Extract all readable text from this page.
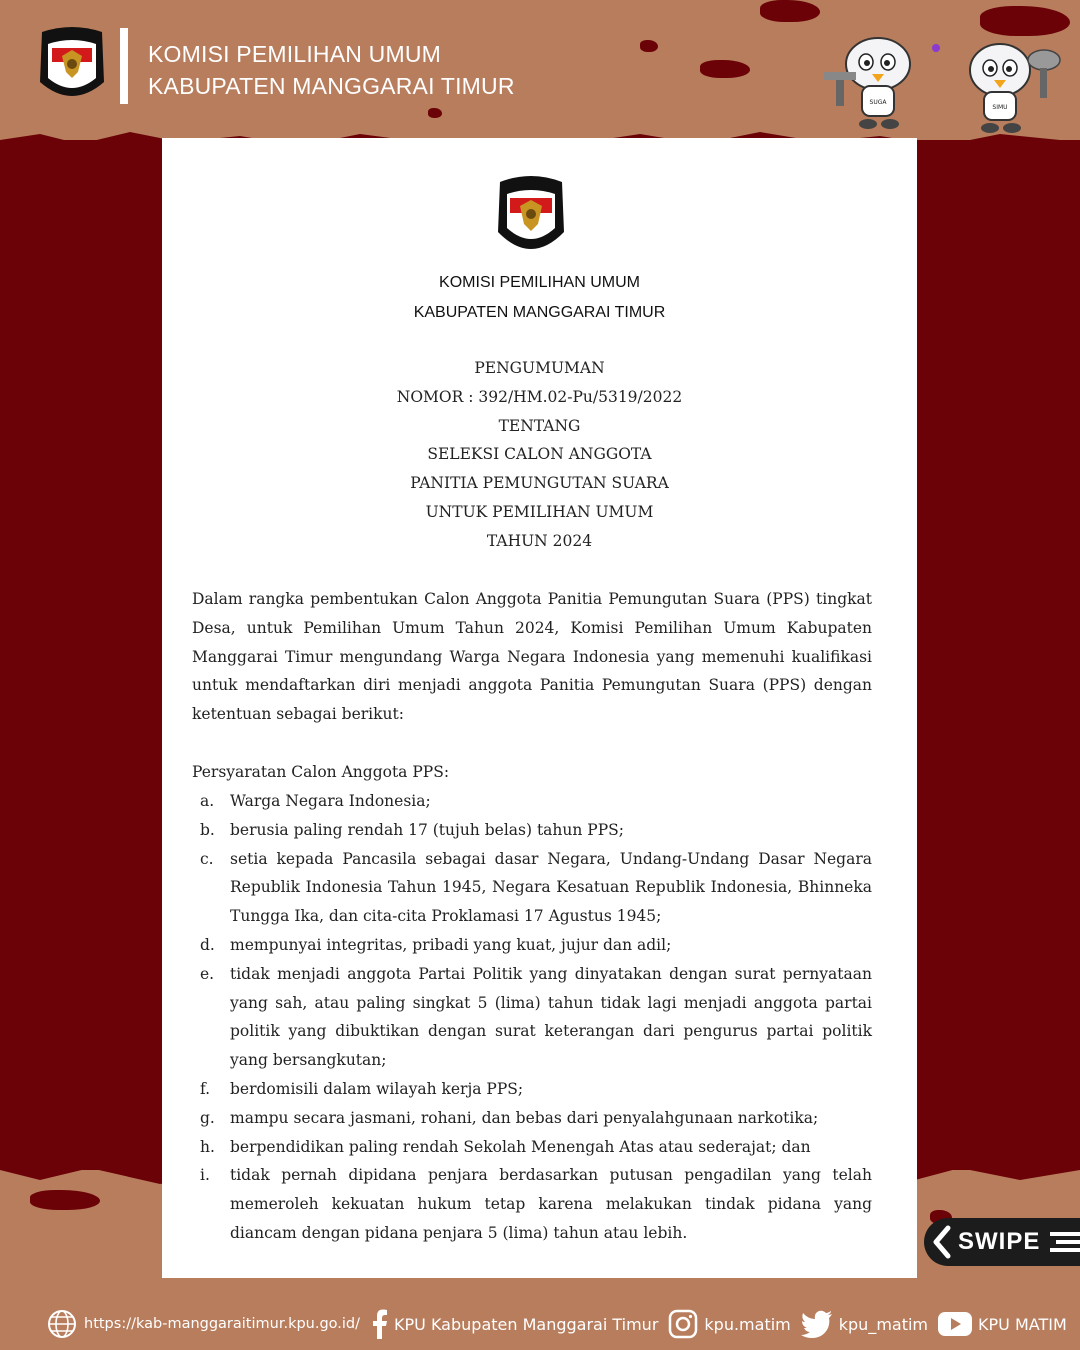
KOMISI PEMILIHAN UMUM
KABUPATEN MANGGARAI TIMUR
SUGA
SIMU
KOMISI PEMILIHAN UMUM
KABUPATEN MANGGARAI TIMUR
PENGUMUMAN
NOMOR : 392/HM.02-Pu/5319/2022
TENTANG
SELEKSI CALON ANGGOTA
PANITIA PEMUNGUTAN SUARA
UNTUK PEMILIHAN UMUM
TAHUN 2024

Dalam rangka pembentukan Calon Anggota Panitia Pemungutan Suara (PPS) tingkat Desa, untuk Pemilihan Umum Tahun 2024, Komisi Pemilihan Umum Kabupaten Manggarai Timur mengundang Warga Negara Indonesia yang memenuhi kualifikasi untuk mendaftarkan diri menjadi anggota Panitia Pemungutan Suara (PPS) dengan ketentuan sebagai berikut:

Persyaratan Calon Anggota PPS:
a.	Warga Negara Indonesia;
b. berusia paling rendah 17 (tujuh belas) tahun PPS;
c.	setia kepada Pancasila sebagai dasar Negara, Undang-Undang Dasar Negara Republik Indonesia Tahun 1945, Negara Kesatuan Republik Indonesia, Bhinneka Tungga Ika, dan cita-cita Proklamasi 17 Agustus 1945;
d. mempunyai integritas, pribadi yang kuat, jujur dan adil;
e.	tidak menjadi anggota Partai Politik yang dinyatakan dengan surat pernyataan yang sah, atau paling singkat 5 (lima) tahun tidak lagi menjadi anggota partai politik yang dibuktikan dengan surat keterangan dari pengurus partai politik yang bersangkutan;
f.	berdomisili dalam wilayah kerja PPS;
g. mampu secara jasmani, rohani, dan bebas dari penyalahgunaan narkotika;
h. berpendidikan paling rendah Sekolah Menengah Atas atau sederajat; dan
i.	tidak pernah dipidana penjara berdasarkan putusan pengadilan yang telah memeroleh kekuatan hukum tetap karena melakukan tindak pidana yang diancam dengan pidana penjara 5 (lima) tahun atau lebih.	SWIPE
https://kab-manggaraitimur.kpu.go.id/ KPU Kabupaten Manggarai Timur	kpu.matim	kpu_matim	KPU MATIM
